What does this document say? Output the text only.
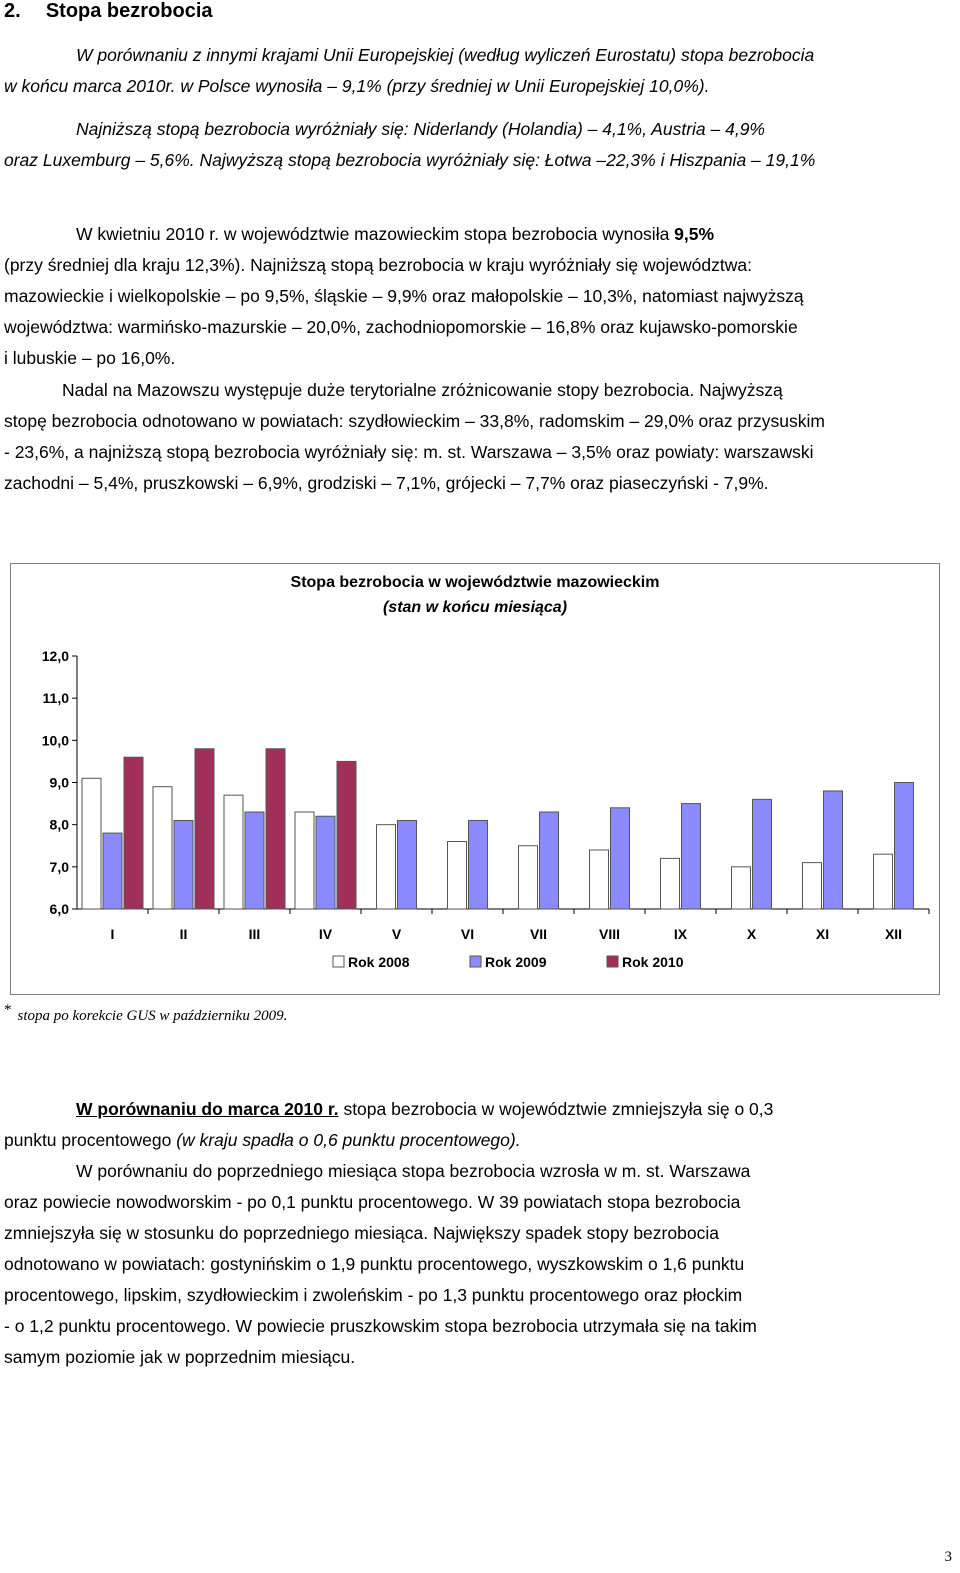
2. Stopa bezrobocia
W porównaniu z innymi krajami Unii Europejskiej (według wyliczeń Eurostatu) stopa bezrobocia
w końcu marca 2010r. w Polsce wynosiła – 9,1% (przy średniej w Unii Europejskiej 10,0%).
Najniższą stopą bezrobocia wyróżniały się: Niderlandy (Holandia) – 4,1%, Austria – 4,9%
oraz Luxemburg – 5,6%. Najwyższą stopą bezrobocia wyróżniały się: Łotwa –22,3% i Hiszpania – 19,1%
W kwietniu 2010 r. w województwie mazowieckim stopa bezrobocia wynosiła 9,5%
(przy średniej dla kraju 12,3%). Najniższą stopą bezrobocia w kraju wyróżniały się województwa:
mazowieckie i wielkopolskie – po 9,5%, śląskie – 9,9% oraz małopolskie – 10,3%, natomiast najwyższą
województwa: warmińsko-mazurskie – 20,0%, zachodniopomorskie – 16,8% oraz kujawsko-pomorskie
i lubuskie – po 16,0%.
Nadal na Mazowszu występuje duże terytorialne zróżnicowanie stopy bezrobocia. Najwyższą
stopę bezrobocia odnotowano w powiatach: szydłowieckim – 33,8%, radomskim – 29,0% oraz przysuskim
- 23,6%, a najniższą stopą bezrobocia wyróżniały się: m. st. Warszawa – 3,5% oraz powiaty: warszawski
zachodni – 5,4%, pruszkowski – 6,9%, grodziski – 7,1%, grójecki – 7,7% oraz piaseczyński - 7,9%.
Stopa bezrobocia w województwie mazowieckim
(stan w końcu miesiąca)
6,0
7,0
8,0
9,0
10,0
11,0
12,0
I	II	III	IV	V	VI	VII	VIII	IX	X	XI	XII
Rok 2008	Rok 2009	Rok 2010
* stopa po korekcie GUS w październiku 2009.
W porównaniu do marca 2010 r. stopa bezrobocia w województwie zmniejszyła się o 0,3
punktu procentowego (w kraju spadła o 0,6 punktu procentowego).
W porównaniu do poprzedniego miesiąca stopa bezrobocia wzrosła w m. st. Warszawa
oraz powiecie nowodworskim - po 0,1 punktu procentowego. W 39 powiatach stopa bezrobocia
zmniejszyła się w stosunku do poprzedniego miesiąca. Największy spadek stopy bezrobocia
odnotowano w powiatach: gostynińskim o 1,9 punktu procentowego, wyszkowskim o 1,6 punktu
procentowego, lipskim, szydłowieckim i zwoleńskim - po 1,3 punktu procentowego oraz płockim
- o 1,2 punktu procentowego. W powiecie pruszkowskim stopa bezrobocia utrzymała się na takim
samym poziomie jak w poprzednim miesiącu.
3
